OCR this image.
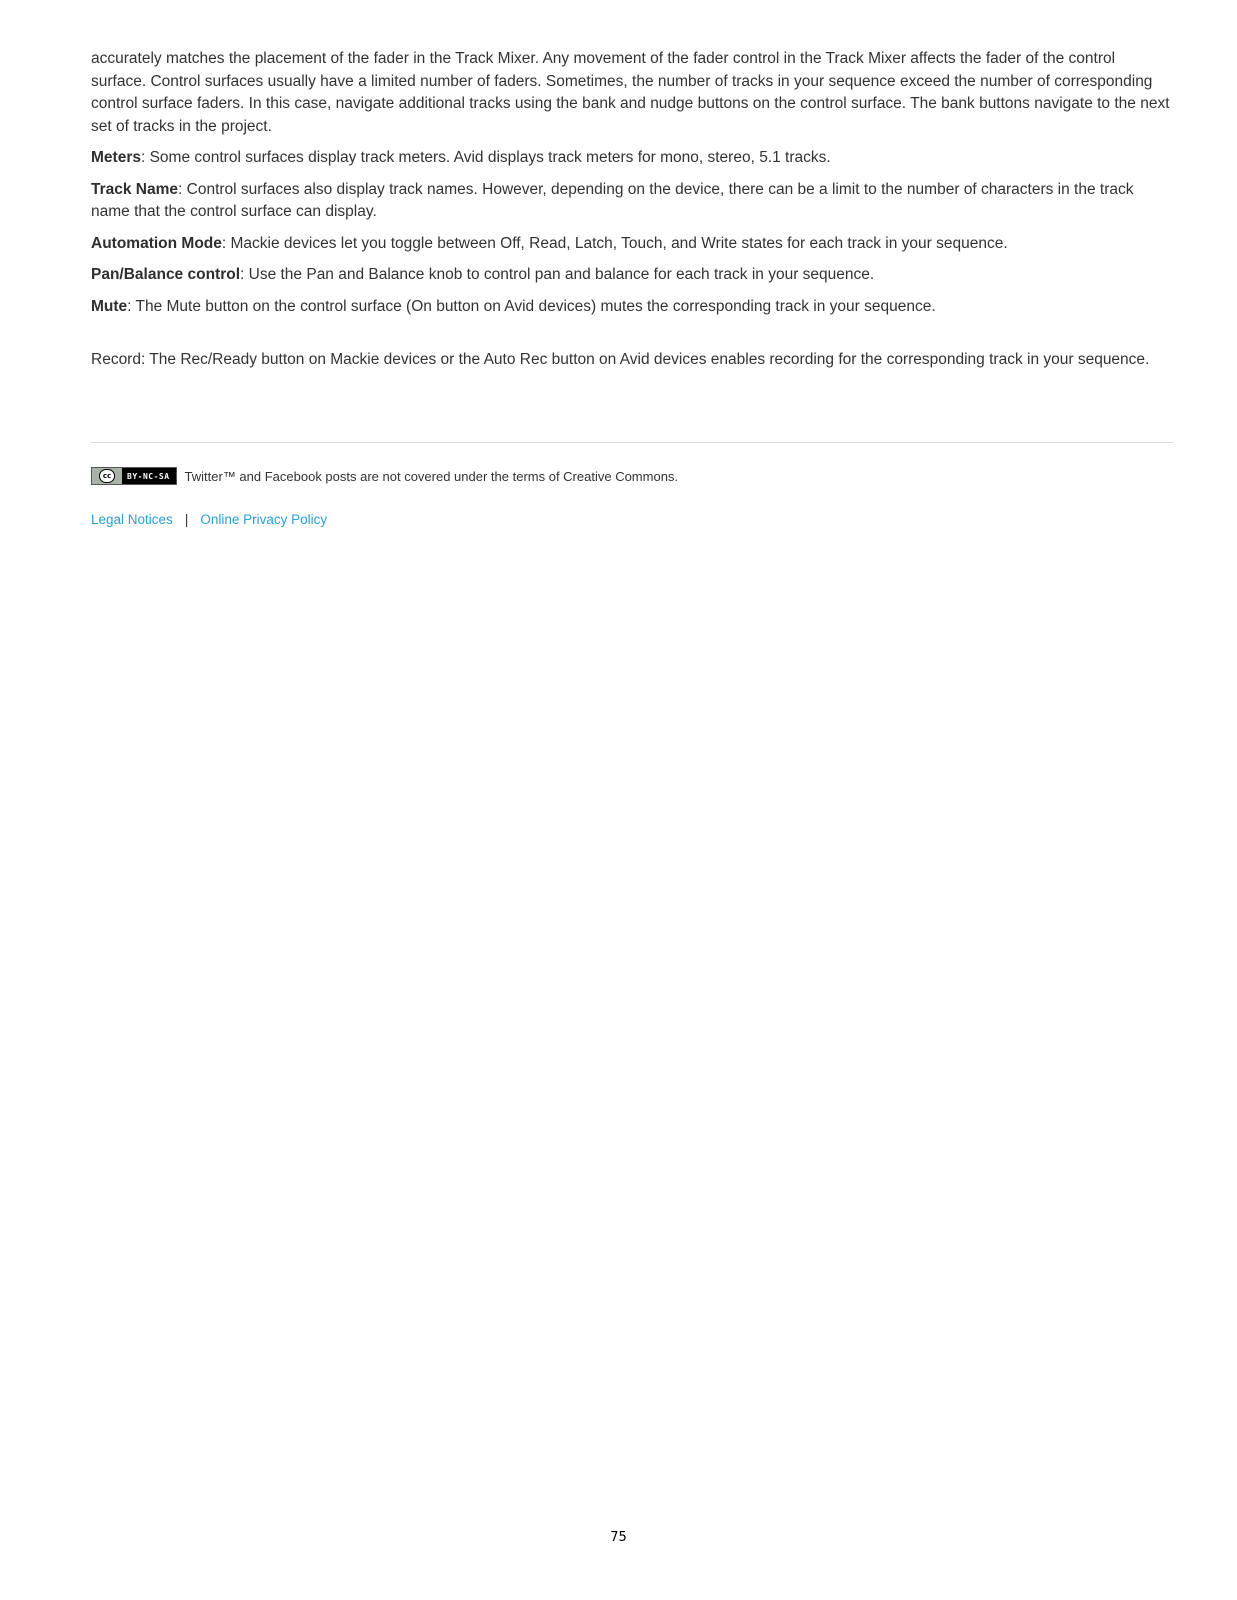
accurately matches the placement of the fader in the Track Mixer. Any movement of the fader control in the Track Mixer affects the fader of the control surface. Control surfaces usually have a limited number of faders. Sometimes, the number of tracks in your sequence exceed the number of corresponding control surface faders. In this case, navigate additional tracks using the bank and nudge buttons on the control surface. The bank buttons navigate to the next set of tracks in the project.

Meters: Some control surfaces display track meters. Avid displays track meters for mono, stereo, 5.1 tracks.

Track Name: Control surfaces also display track names. However, depending on the device, there can be a limit to the number of characters in the track name that the control surface can display.

Automation Mode: Mackie devices let you toggle between Off, Read, Latch, Touch, and Write states for each track in your sequence.

Pan/Balance control: Use the Pan and Balance knob to control pan and balance for each track in your sequence.

Mute: The Mute button on the control surface (On button on Avid devices) mutes the corresponding track in your sequence.

Record: The Rec/Ready button on Mackie devices or the Auto Rec button on Avid devices enables recording for the corresponding track in your sequence.

cc	BY-NC-SA	Twitter™ and Facebook posts are not covered under the terms of Creative Commons.
Legal Notices | Online Privacy Policy
75
